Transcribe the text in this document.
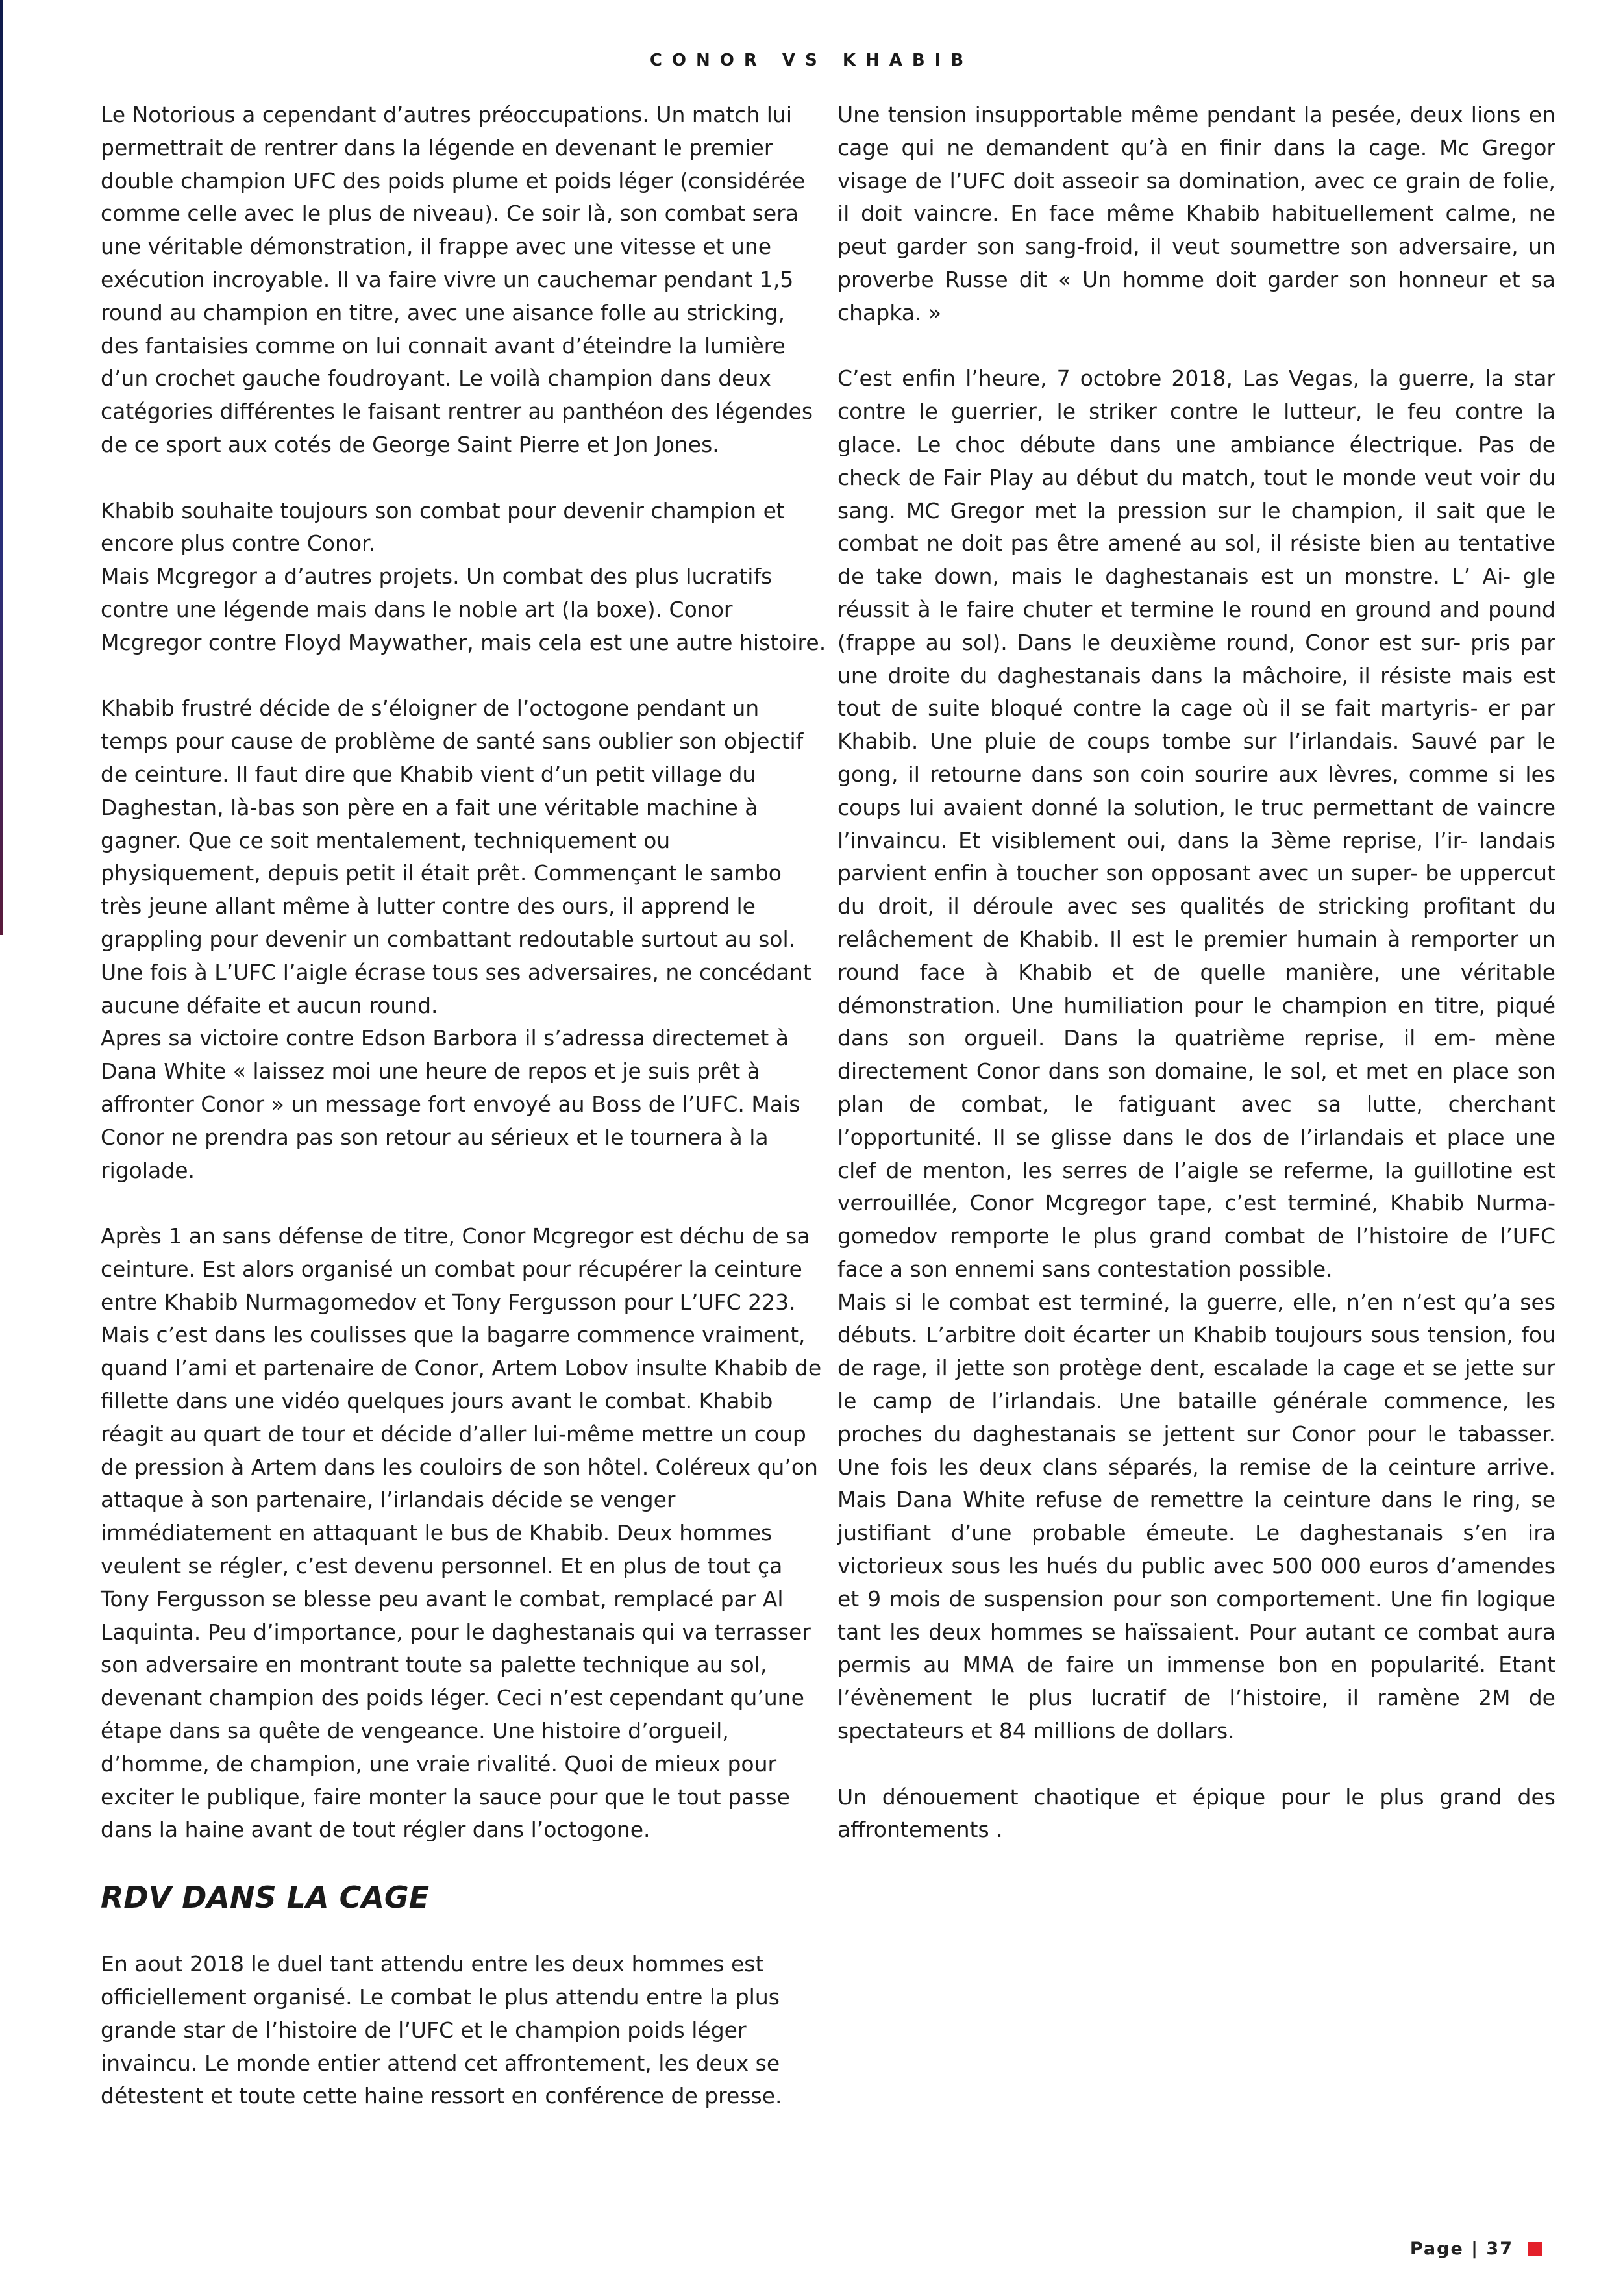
CONOR VS KHABIB

Le Notorious a cependant d’autres préoccupations. Un match lui permettrait de rentrer dans la légende en devenant le premier double champion UFC des poids plume et poids léger (considérée comme celle avec le plus de niveau). Ce soir là, son combat sera une véritable démonstration, il frappe avec une vitesse et une exécution incroyable. Il va faire vivre un cauchemar pendant 1,5 round au champion en titre, avec une aisance folle au stricking, des fantaisies comme on lui connait avant d’éteindre la lumière d’un crochet gauche foudroyant. Le voilà champion dans deux catégories différentes le faisant rentrer au panthéon des légendes de ce sport aux cotés de George Saint Pierre et Jon Jones.

Khabib souhaite toujours son combat pour devenir champion et encore plus contre Conor.

Mais Mcgregor a d’autres projets. Un combat des plus lucratifs contre une légende mais dans le noble art (la boxe). Conor Mcgregor contre Floyd Maywather, mais cela est une autre histoire.

Khabib frustré décide de s’éloigner de l’octogone pendant un temps pour cause de problème de santé sans oublier son objectif de ceinture. Il faut dire que Khabib vient d’un petit village du Daghestan, là-bas son père en a fait une véritable machine à gagner. Que ce soit mentalement, techniquement ou physiquement, depuis petit il était prêt. Commençant le sambo très jeune allant même à lutter contre des ours, il apprend le grappling pour devenir un combattant redoutable surtout au sol. Une fois à L’UFC l’aigle écrase tous ses adversaires, ne concédant aucune défaite et aucun round.

Apres sa victoire contre Edson Barbora il s’adressa directemet à Dana White « laissez moi une heure de repos et je suis prêt à affronter Conor » un message fort envoyé au Boss de l’UFC. Mais Conor ne prendra pas son retour au sérieux et le tournera à la rigolade.

Après 1 an sans défense de titre, Conor Mcgregor est déchu de sa ceinture. Est alors organisé un combat pour récupérer la ceinture entre Khabib Nurmagomedov et Tony Fergusson pour L’UFC 223. Mais c’est dans les coulisses que la bagarre commence vraiment, quand l’ami et partenaire de Conor, Artem Lobov insulte Khabib de fillette dans une vidéo quelques jours avant le combat. Khabib réagit au quart de tour et décide d’aller lui-même mettre un coup de pression à Artem dans les couloirs de son hôtel. Coléreux qu’on attaque à son partenaire, l’irlandais décide se venger immédiatement en attaquant le bus de Khabib. Deux hommes veulent se régler, c’est devenu personnel. Et en plus de tout ça Tony Fergusson se blesse peu avant le combat, remplacé par Al Laquinta. Peu d’importance, pour le daghestanais qui va terrasser son adversaire en montrant toute sa palette technique au sol, devenant champion des poids léger. Ceci n’est cependant qu’une étape dans sa quête de vengeance. Une histoire d’orgueil, d’homme, de champion, une vraie rivalité. Quoi de mieux pour exciter le publique, faire monter la sauce pour que le tout passe dans la haine avant de tout régler dans l’octogone.

RDV DANS LA CAGE

En aout 2018 le duel tant attendu entre les deux hommes est officiellement organisé. Le combat le plus attendu entre la plus grande star de l’histoire de l’UFC et le champion poids léger invaincu. Le monde entier attend cet affrontement, les deux se détestent et toute cette haine ressort en conférence de presse.

Une tension insupportable même pendant la pesée, deux lions en cage qui ne demandent qu’à en finir dans la cage. Mc Gregor visage de l’UFC doit asseoir sa domination, avec ce grain de folie, il doit vaincre. En face même Khabib habituellement calme, ne peut garder son sang-froid, il veut soumettre son adversaire, un proverbe Russe dit « Un homme doit garder son honneur et sa chapka. »

C’est enfin l’heure, 7 octobre 2018, Las Vegas, la guerre, la star contre le guerrier, le striker contre le lutteur, le feu contre la glace. Le choc débute dans une ambiance électrique. Pas de check de Fair Play au début du match, tout le monde veut voir du sang. MC Gregor met la pression sur le champion, il sait que le combat ne doit pas être amené au sol, il résiste bien au tentative de take down, mais le daghestanais est un monstre. L’ Ai- gle réussit à le faire chuter et termine le round en ground and pound (frappe au sol). Dans le deuxième round, Conor est sur- pris par une droite du daghestanais dans la mâchoire, il résiste mais est tout de suite bloqué contre la cage où il se fait martyris- er par Khabib. Une pluie de coups tombe sur l’irlandais. Sauvé par le gong, il retourne dans son coin sourire aux lèvres, comme si les coups lui avaient donné la solution, le truc permettant de vaincre l’invaincu. Et visiblement oui, dans la 3ème reprise, l’ir- landais parvient enfin à toucher son opposant avec un super- be uppercut du droit, il déroule avec ses qualités de stricking profitant du relâchement de Khabib. Il est le premier humain à remporter un round face à Khabib et de quelle manière, une véritable démonstration. Une humiliation pour le champion en titre, piqué dans son orgueil. Dans la quatrième reprise, il em- mène directement Conor dans son domaine, le sol, et met en place son plan de combat, le fatiguant avec sa lutte, cherchant l’opportunité. Il se glisse dans le dos de l’irlandais et place une clef de menton, les serres de l’aigle se referme, la guillotine est verrouillée, Conor Mcgregor tape, c’est terminé, Khabib Nurma- gomedov remporte le plus grand combat de l’histoire de l’UFC face a son ennemi sans contestation possible.

Mais si le combat est terminé, la guerre, elle, n’en n’est qu’a ses débuts. L’arbitre doit écarter un Khabib toujours sous tension, fou de rage, il jette son protège dent, escalade la cage et se jette sur le camp de l’irlandais. Une bataille générale commence, les proches du daghestanais se jettent sur Conor pour le tabasser. Une fois les deux clans séparés, la remise de la ceinture arrive. Mais Dana White refuse de remettre la ceinture dans le ring, se justifiant d’une probable émeute. Le daghestanais s’en ira victorieux sous les hués du public avec 500 000 euros d’amendes et 9 mois de suspension pour son comportement. Une fin logique tant les deux hommes se haïssaient. Pour autant ce combat aura permis au MMA de faire un immense bon en popularité. Etant l’évènement le plus lucratif de l’histoire, il ramène 2M de spectateurs et 84 millions de dollars.

Un dénouement chaotique et épique pour le plus grand des affrontements .

Page | 37
